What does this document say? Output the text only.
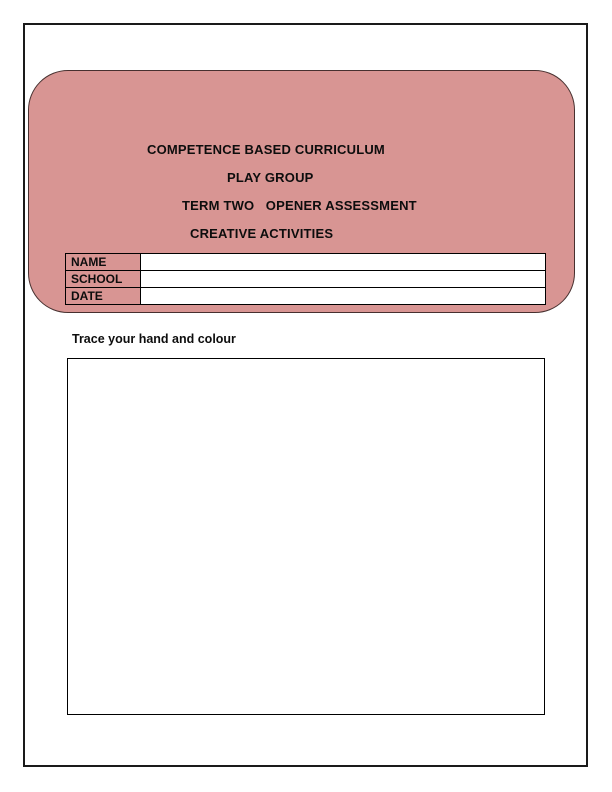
COMPETENCE BASED CURRICULUM
PLAY GROUP
TERM TWO   OPENER ASSESSMENT
CREATIVE ACTIVITIES
NAME	
SCHOOL	
DATE	
Trace your hand and colour
